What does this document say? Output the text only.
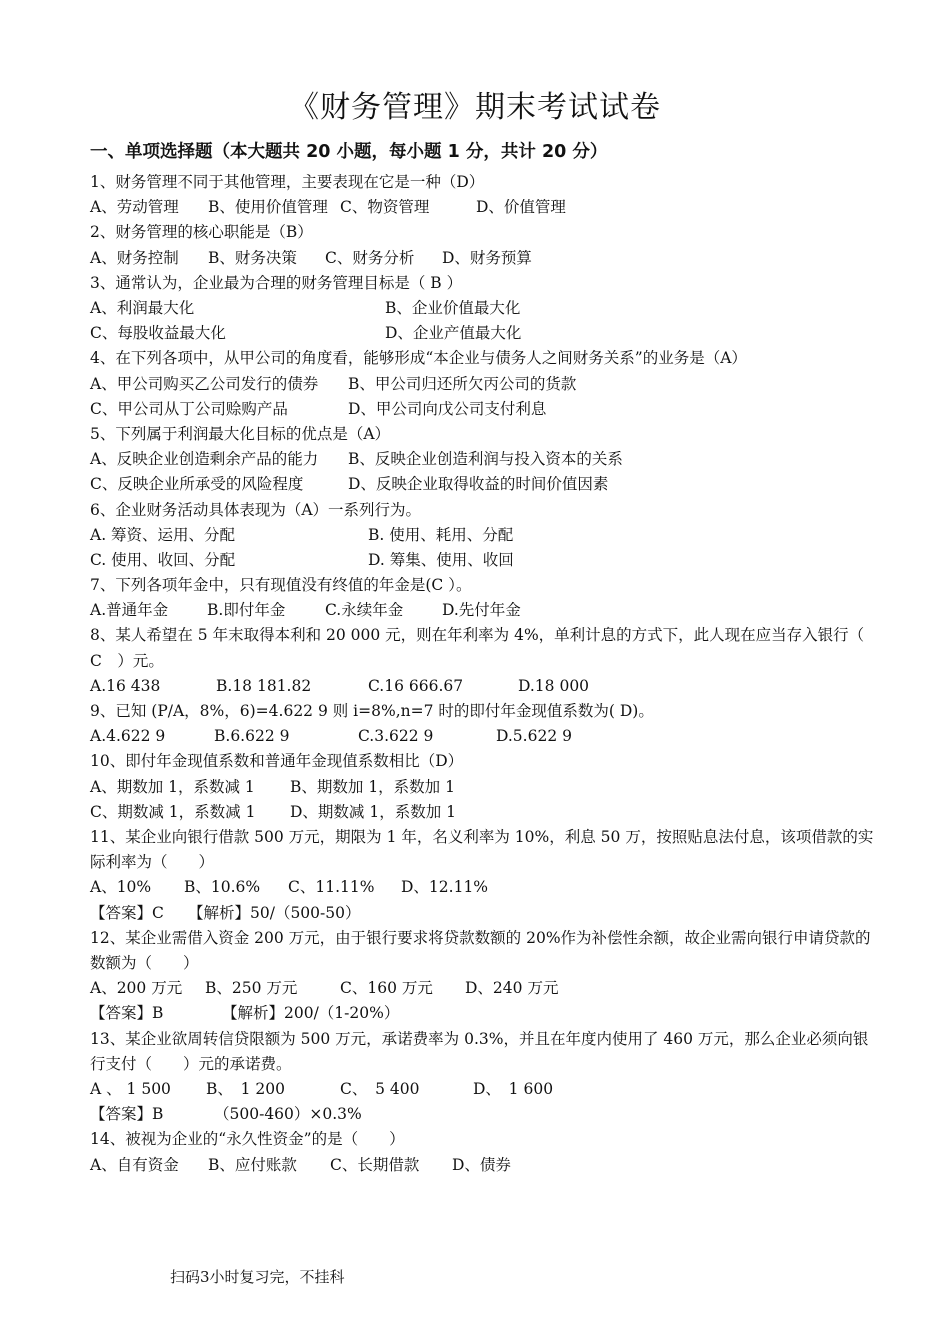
《财务管理》期末考试试卷
一、单项选择题（本大题共 20 小题，每小题 1 分，共计 20 分）
1、财务管理不同于其他管理，主要表现在它是一种（D）
A、劳动管理 B、使用价值管理 C、物资管理	D、价值管理
2、财务管理的核心职能是（B）
A、财务控制 B、财务决策 C、财务分析 D、财务预算
3、通常认为，企业最为合理的财务管理目标是（ B ）
A、利润最大化	B、企业价值最大化
C、每股收益最大化	D、企业产值最大化
4、在下列各项中，从甲公司的角度看，能够形成“本企业与债务人之间财务关系”的业务是（A）
A、甲公司购买乙公司发行的债券 B、甲公司归还所欠丙公司的货款
C、甲公司从丁公司赊购产品	D、甲公司向戊公司支付利息
5、下列属于利润最大化目标的优点是（A）
A、反映企业创造剩余产品的能力 B、反映企业创造利润与投入资本的关系
C、反映企业所承受的风险程度	D、反映企业取得收益的时间价值因素
6、企业财务活动具体表现为（A）一系列行为。
A. 筹资、运用、分配	B. 使用、耗用、分配
C. 使用、收回、分配	D. 筹集、使用、收回
7、下列各项年金中，只有现值没有终值的年金是(C ）。
A.普通年金	B.即付年金	C.永续年金	D.先付年金
8、某人希望在 5 年末取得本利和 20 000 元，则在年利率为 4%，单利计息的方式下，此人现在应当存入银行（　　C　）元。
A.16 438	B.18 181.82	C.16 666.67	D.18 000
9、已知 (P/A，8%，6)=4.622 9 则 i=8%,n=7 时的即付年金现值系数为( D)。
A.4.622 9	B.6.622 9	C.3.622 9	D.5.622 9
10、即付年金现值系数和普通年金现值系数相比（D）
A、期数加 1，系数减 1 B、期数加 1，系数加 1
C、期数减 1，系数减 1 D、期数减 1，系数加 1
11、某企业向银行借款 500 万元，期限为 1 年，名义利率为 10%，利息 50 万，按照贴息法付息，该项借款的实际利率为（　　）
A、10% B、10.6% C、11.11% D、12.11%
【答案】C 【解析】50/（500-50）
12、某企业需借入资金 200 万元，由于银行要求将贷款数额的 20%作为补偿性余额，故企业需向银行申请贷款的数额为（　　）
A、200 万元 B、250 万元	C、160 万元 D、240 万元
【答案】B	【解析】200/（1-20%）
13、某企业欲周转信贷限额为 500 万元，承诺费率为 0.3%，并且在年度内使用了 460 万元，那么企业必须向银行支付（　　）元的承诺费。
A 、 1 500 B、　1 200	C、　5 400	D、　1 600
【答案】B	（500-460）×0.3%
14、被视为企业的“永久性资金”的是（　　）
A、自有资金 B、应付账款 C、长期借款 D、债券
扫码3小时复习完，不挂科
